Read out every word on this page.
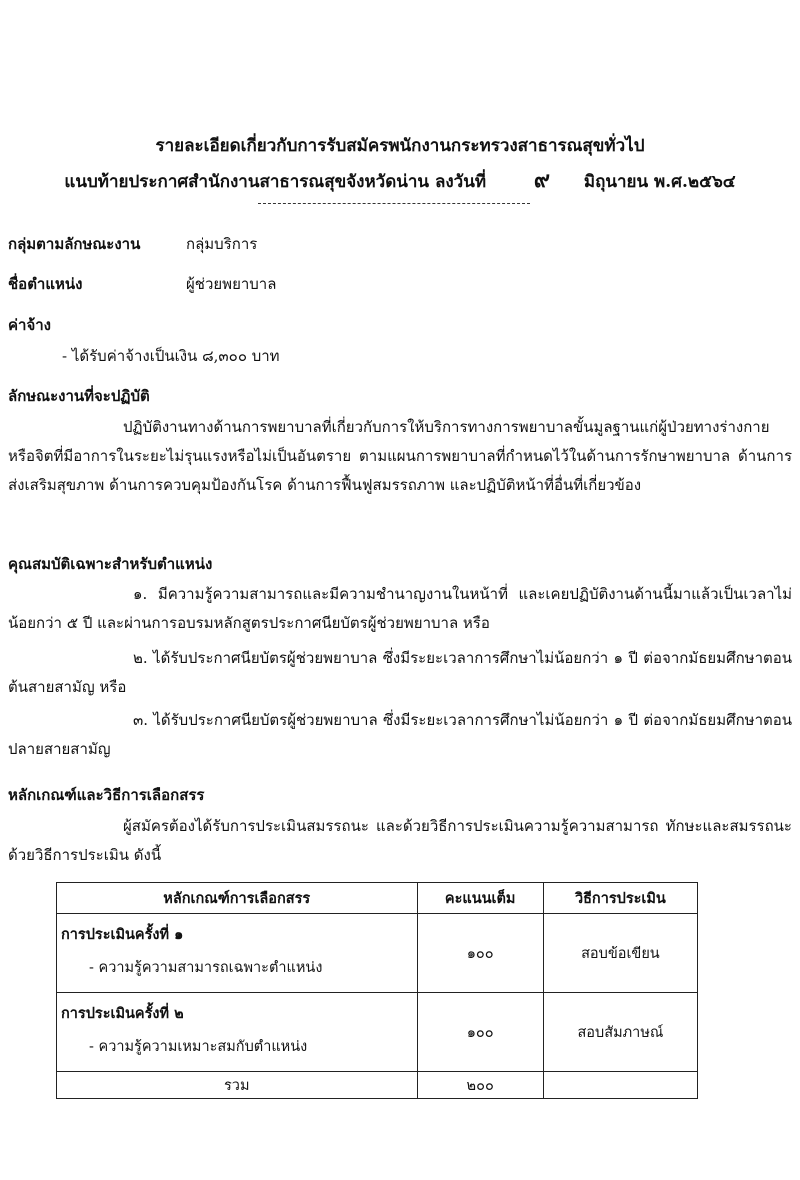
รายละเอียดเกี่ยวกับการรับสมัครพนักงานกระทรวงสาธารณสุขทั่วไป
แนบท้ายประกาศสำนักงานสาธารณสุขจังหวัดน่าน ลงวันที่ ๙ มิถุนายน พ.ศ.๒๕๖๔
กลุ่มตามลักษณะงาน	กลุ่มบริการ
ชื่อตำแหน่ง	ผู้ช่วยพยาบาล
ค่าจ้าง
- ได้รับค่าจ้างเป็นเงิน ๘,๓๐๐ บาท
ลักษณะงานที่จะปฏิบัติ
ปฏิบัติงานทางด้านการพยาบาลที่เกี่ยวกับการให้บริการทางการพยาบาลขั้นมูลฐานแก่ผู้ป่วยทางร่างกายหรือจิตที่มีอาการในระยะไม่รุนแรงหรือไม่เป็นอันตราย ตามแผนการพยาบาลที่กำหนดไว้ในด้านการรักษาพยาบาล ด้านการส่งเสริมสุขภาพ ด้านการควบคุมป้องกันโรค ด้านการฟื้นฟูสมรรถภาพ และปฏิบัติหน้าที่อื่นที่เกี่ยวข้อง
คุณสมบัติเฉพาะสำหรับตำแหน่ง
๑. มีความรู้ความสามารถและมีความชำนาญงานในหน้าที่ และเคยปฏิบัติงานด้านนี้มาแล้วเป็นเวลาไม่น้อยกว่า ๕ ปี และผ่านการอบรมหลักสูตรประกาศนียบัตรผู้ช่วยพยาบาล หรือ
๒. ได้รับประกาศนียบัตรผู้ช่วยพยาบาล ซึ่งมีระยะเวลาการศึกษาไม่น้อยกว่า ๑ ปี ต่อจากมัธยมศึกษาตอนต้นสายสามัญ หรือ
๓. ได้รับประกาศนียบัตรผู้ช่วยพยาบาล ซึ่งมีระยะเวลาการศึกษาไม่น้อยกว่า ๑ ปี ต่อจากมัธยมศึกษาตอนปลายสายสามัญ
หลักเกณฑ์และวิธีการเลือกสรร
ผู้สมัครต้องได้รับการประเมินสมรรถนะ และด้วยวิธีการประเมินความรู้ความสามารถ ทักษะและสมรรถนะ ด้วยวิธีการประเมิน ดังนี้
หลักเกณฑ์การเลือกสรร	คะแนนเต็ม	วิธีการประเมิน

การประเมินครั้งที่ ๑
- ความรู้ความสามารถเฉพาะตำแหน่ง	๑๐๐	สอบข้อเขียน

การประเมินครั้งที่ ๒
- ความรู้ความเหมาะสมกับตำแหน่ง	๑๐๐	สอบสัมภาษณ์
รวม	๒๐๐	
